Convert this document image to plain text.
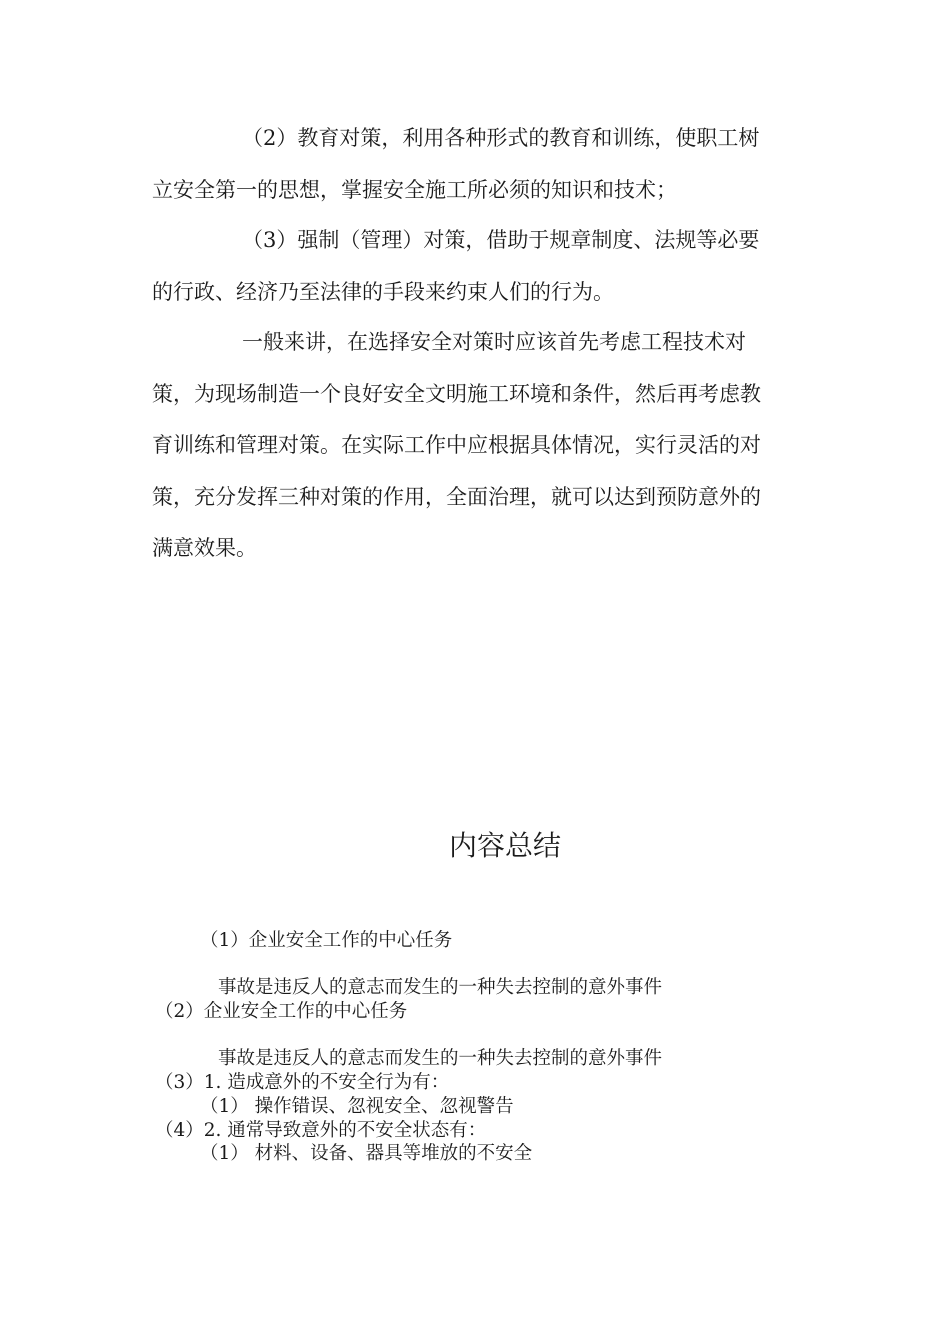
（2）教育对策，利用各种形式的教育和训练，使职工树
立安全第一的思想，掌握安全施工所必须的知识和技术；
（3）强制（管理）对策，借助于规章制度、法规等必要
的行政、经济乃至法律的手段来约束人们的行为。
一般来讲，在选择安全对策时应该首先考虑工程技术对
策，为现场制造一个良好安全文明施工环境和条件，然后再考虑教
育训练和管理对策。在实际工作中应根据具体情况，实行灵活的对
策，充分发挥三种对策的作用，全面治理，就可以达到预防意外的
满意效果。
内容总结
（1）企业安全工作的中心任务
事故是违反人的意志而发生的一种失去控制的意外事件
（2）企业安全工作的中心任务
事故是违反人的意志而发生的一种失去控制的意外事件
（3）1. 造成意外的不安全行为有：
（1） 操作错误、忽视安全、忽视警告
（4）2. 通常导致意外的不安全状态有：
（1） 材料、设备、器具等堆放的不安全
